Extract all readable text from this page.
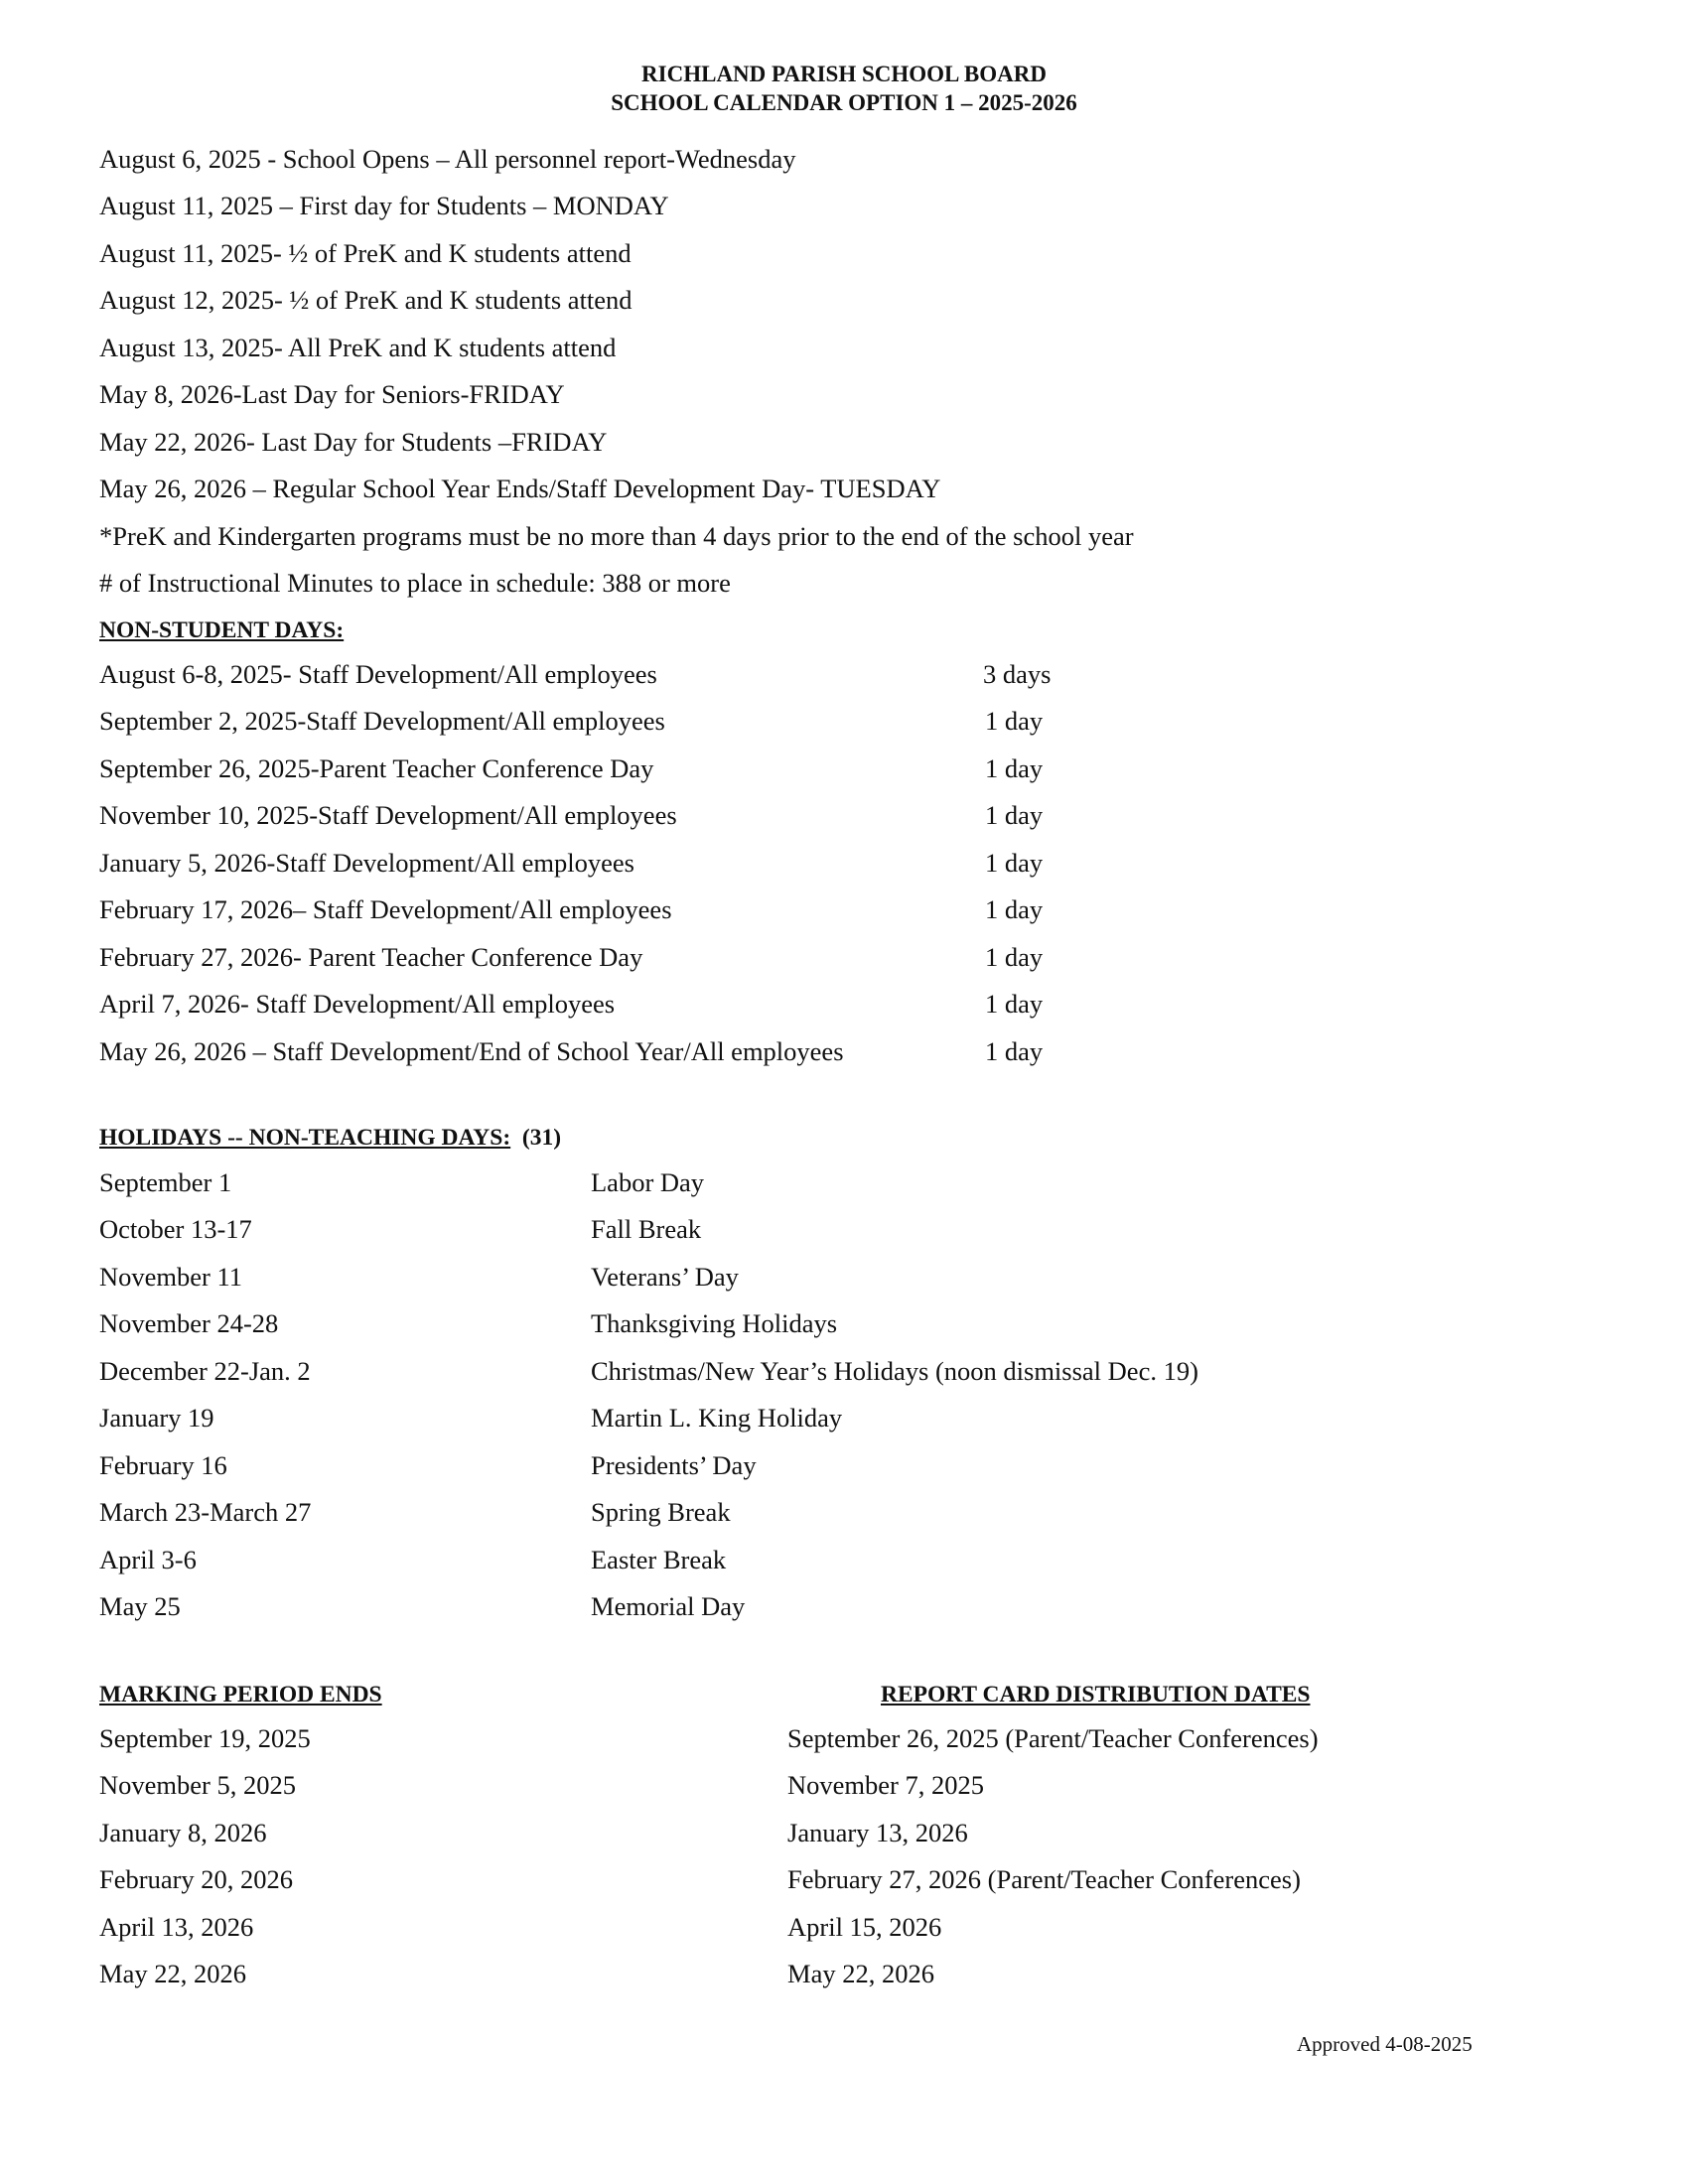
RICHLAND PARISH SCHOOL BOARD
SCHOOL CALENDAR OPTION 1 – 2025-2026
August 6, 2025 - School Opens – All personnel report-Wednesday
August 11, 2025 – First day for Students – MONDAY
August 11, 2025- ½ of PreK and K students attend
August 12, 2025- ½ of PreK and K students attend
August 13, 2025- All PreK and K students attend
May 8, 2026-Last Day for Seniors-FRIDAY
May 22, 2026- Last Day for Students –FRIDAY
May 26, 2026 – Regular School Year Ends/Staff Development Day- TUESDAY
*PreK and Kindergarten programs must be no more than 4 days prior to the end of the school year
# of Instructional Minutes to place in schedule: 388 or more
NON-STUDENT DAYS:
August 6-8, 2025- Staff Development/All employees	3 days
September 2, 2025-Staff Development/All employees	1 day
September 26, 2025-Parent Teacher Conference Day	1 day
November 10, 2025-Staff Development/All employees	1 day
January 5, 2026-Staff Development/All employees	1 day
February 17, 2026– Staff Development/All employees	1 day
February 27, 2026- Parent Teacher Conference Day	1 day
April 7, 2026- Staff Development/All employees	1 day
May 26, 2026 – Staff Development/End of School Year/All employees	1 day
HOLIDAYS -- NON-TEACHING DAYS: (31)
September 1	Labor Day
October 13-17	Fall Break
November 11	Veterans’ Day
November 24-28	Thanksgiving Holidays
December 22-Jan. 2	Christmas/New Year’s Holidays (noon dismissal Dec. 19)
January 19	Martin L. King Holiday
February 16	Presidents’ Day
March 23-March 27	Spring Break
April 3-6	Easter Break
May 25	Memorial Day
MARKING PERIOD ENDS	REPORT CARD DISTRIBUTION DATES
September 19, 2025	September 26, 2025 (Parent/Teacher Conferences)
November 5, 2025	November 7, 2025
January 8, 2026	January 13, 2026
February 20, 2026	February 27, 2026 (Parent/Teacher Conferences)
April 13, 2026	April 15, 2026
May 22, 2026	May 22, 2026
Approved 4-08-2025
